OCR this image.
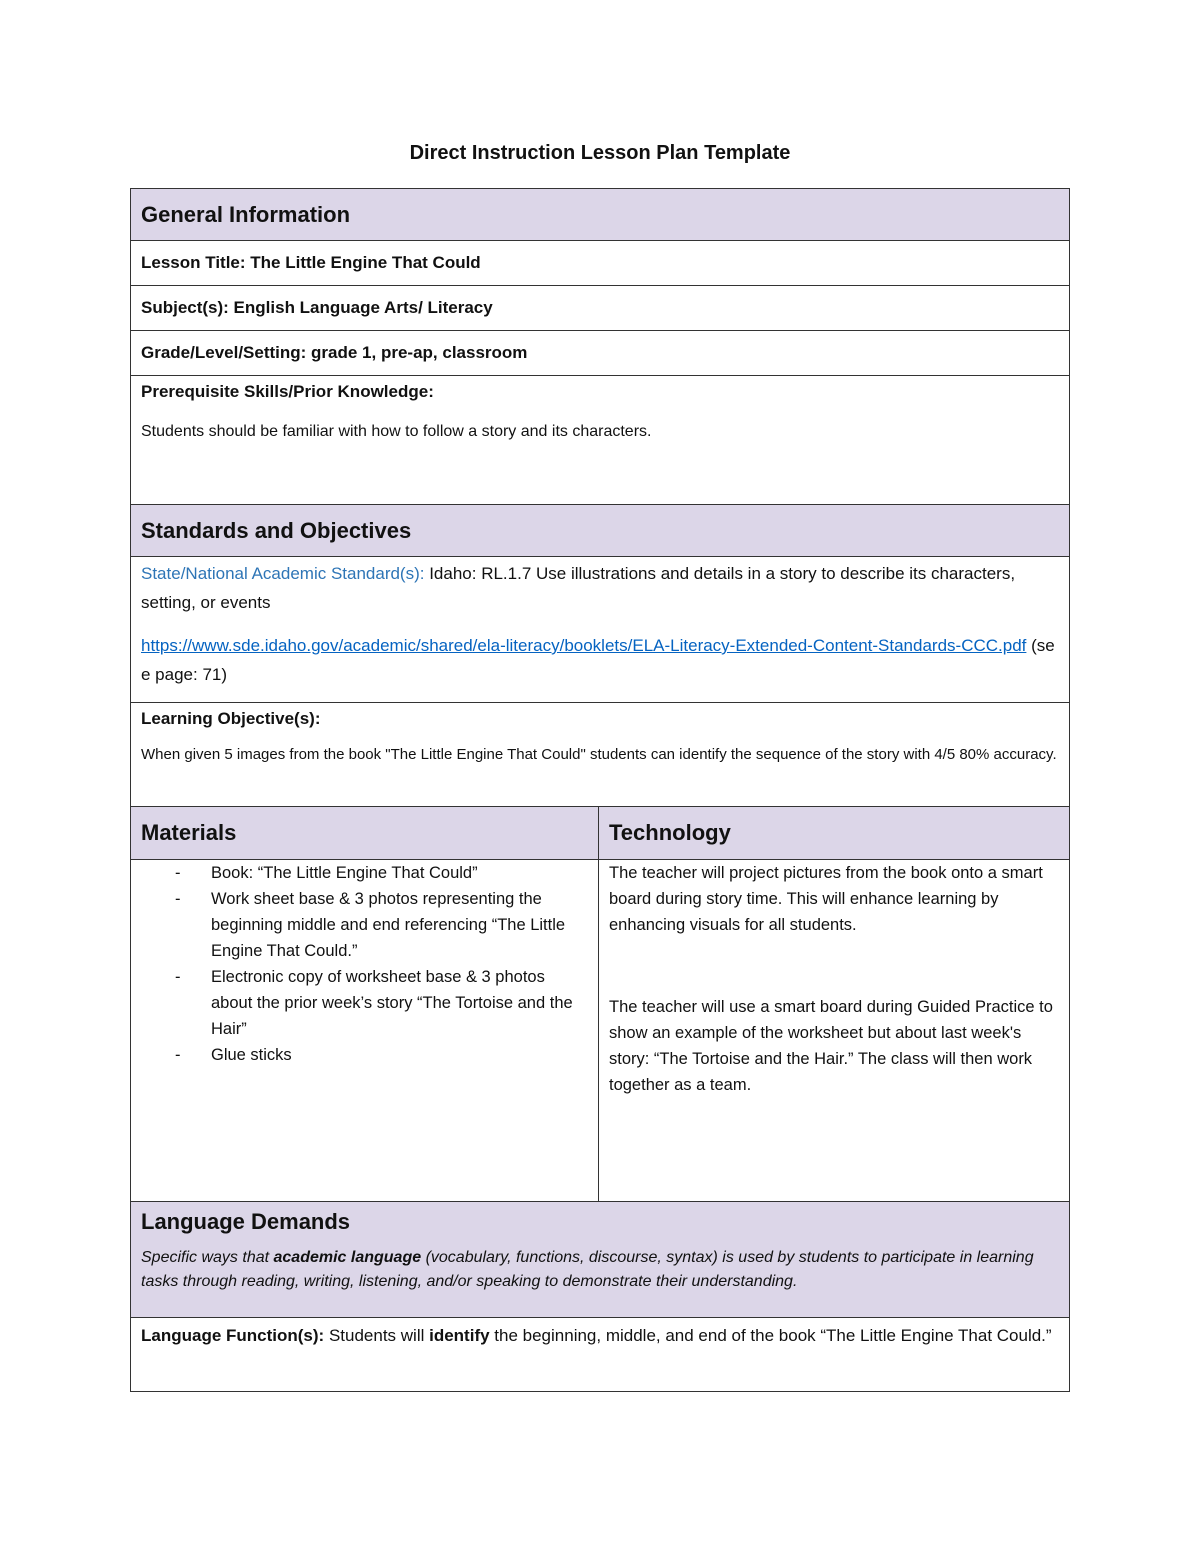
Direct Instruction Lesson Plan Template
General Information
Lesson Title: The Little Engine That Could
Subject(s): English Language Arts/ Literacy
Grade/Level/Setting: grade 1, pre-ap, classroom
Prerequisite Skills/Prior Knowledge:
Students should be familiar with how to follow a story and its characters.
Standards and Objectives
State/National Academic Standard(s): Idaho: RL.1.7 Use illustrations and details in a story to describe its characters, setting, or events
https://www.sde.idaho.gov/academic/shared/ela-literacy/booklets/ELA-Literacy-Extended-Content-Standards-CCC.pdf (see page: 71)
Learning Objective(s):
When given 5 images from the book "The Little Engine That Could" students can identify the sequence of the story with 4/5 80% accuracy.
Materials	Technology
- Book: “The Little Engine That Could”
- Work sheet base & 3 photos representing the beginning middle and end referencing “The Little Engine That Could.”
- Electronic copy of worksheet base & 3 photos about the prior week’s story “The Tortoise and the Hair”
- Glue sticks

The teacher will project pictures from the book onto a smart board during story time. This will enhance learning by enhancing visuals for all students.

The teacher will use a smart board during Guided Practice to show an example of the worksheet but about last week's story: “The Tortoise and the Hair.” The class will then work together as a team.

Language Demands
Specific ways that academic language (vocabulary, functions, discourse, syntax) is used by students to participate in learning tasks through reading, writing, listening, and/or speaking to demonstrate their understanding.
Language Function(s): Students will identify the beginning, middle, and end of the book “The Little Engine That Could.”
